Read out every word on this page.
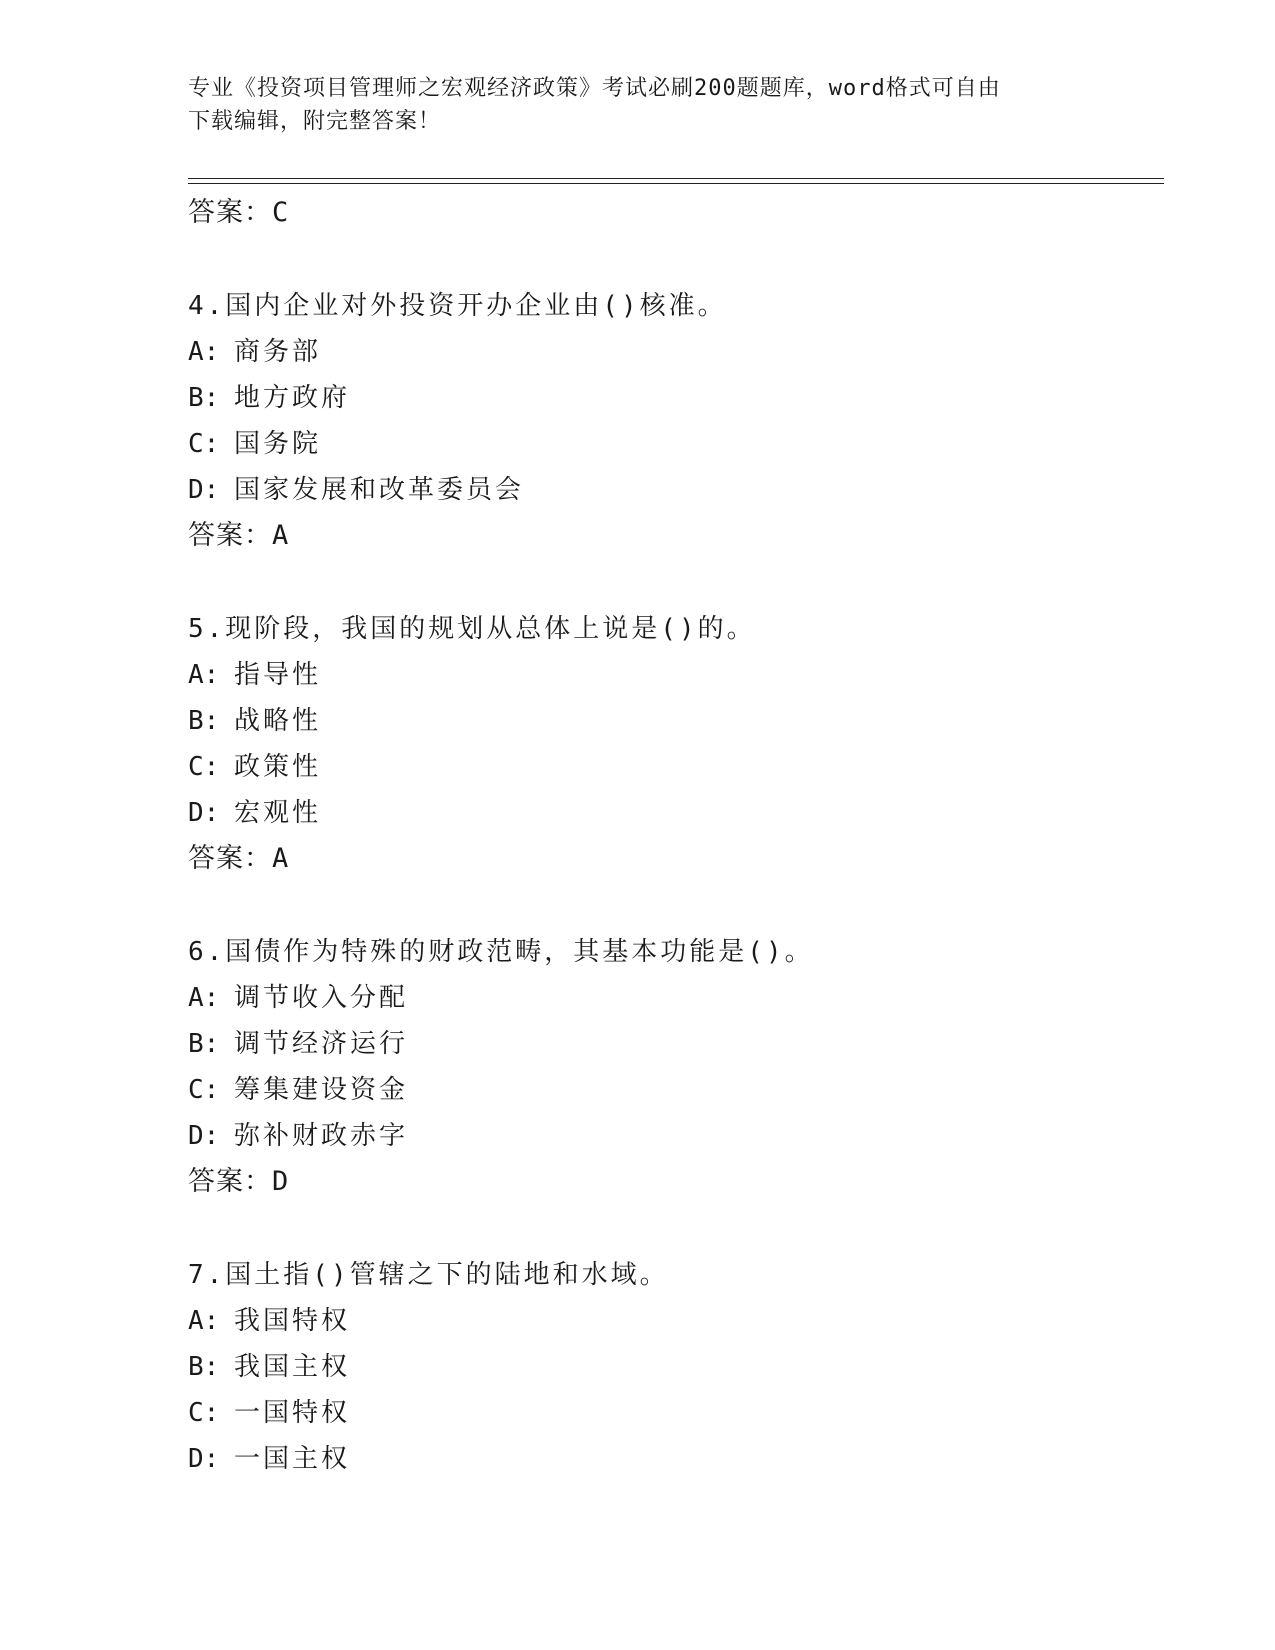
专业《投资项目管理师之宏观经济政策》考试必刷200题题库，word格式可自由
下载编辑，附完整答案！
答案：C
4.国内企业对外投资开办企业由()核准。
A: 商务部
B: 地方政府
C: 国务院
D: 国家发展和改革委员会
答案：A
5.现阶段，我国的规划从总体上说是()的。
A: 指导性
B: 战略性
C: 政策性
D: 宏观性
答案：A
6.国债作为特殊的财政范畴，其基本功能是()。
A: 调节收入分配
B: 调节经济运行
C: 筹集建设资金
D: 弥补财政赤字
答案：D
7.国土指()管辖之下的陆地和水域。
A: 我国特权
B: 我国主权
C: 一国特权
D: 一国主权
